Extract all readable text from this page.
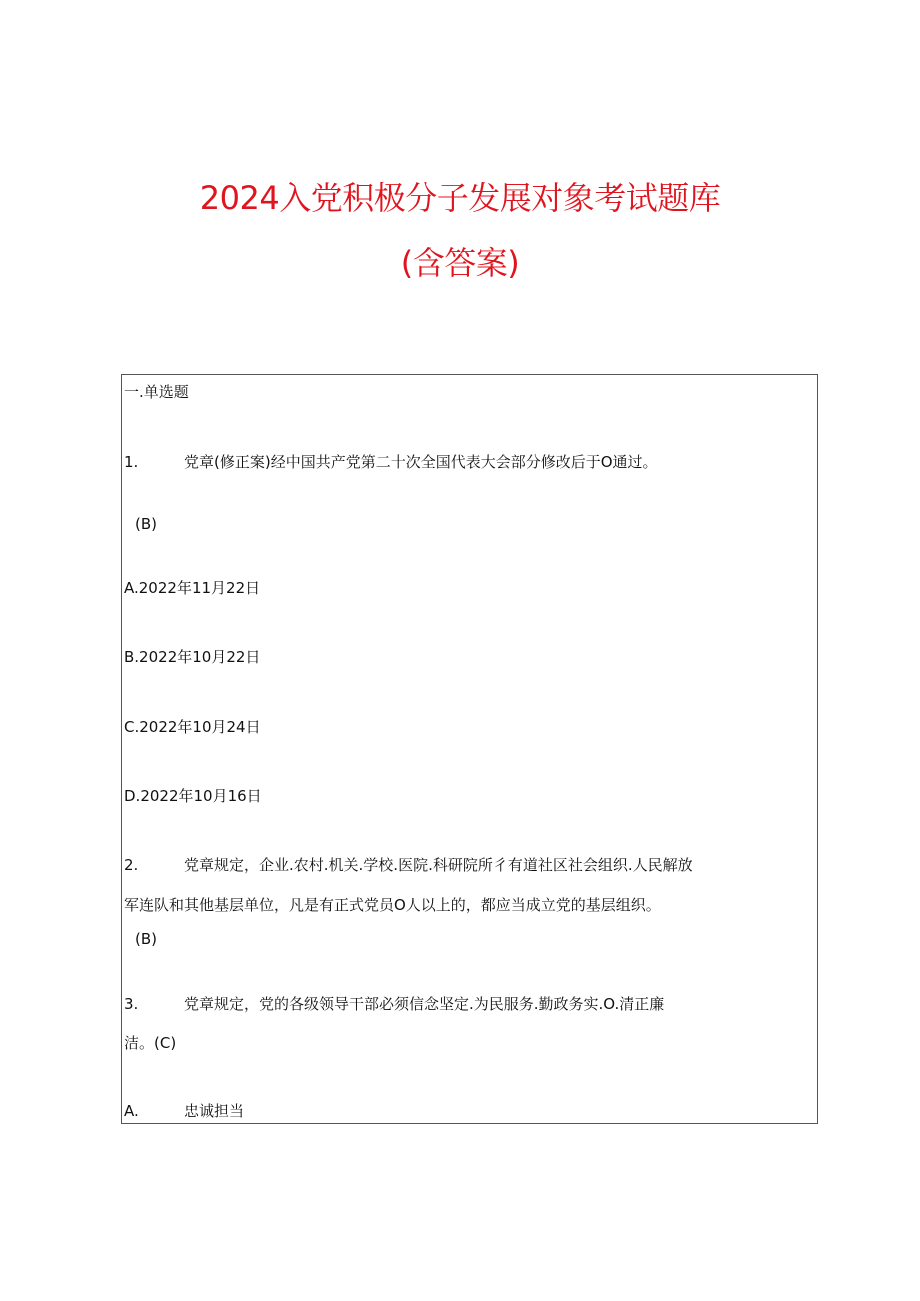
2024入党积极分子发展对象考试题库
(含答案)
一.单选题
1.	党章(修正案)经中国共产党第二十次全国代表大会部分修改后于O通过。
(B)
A.2022年11月22日
B.2022年10月22日
C.2022年10月24日
D.2022年10月16日
2.	党章规定，企业.农村.机关.学校.医院.科研院所彳有道社区社会组织.人民解放
军连队和其他基层单位，凡是有正式党员O人以上的，都应当成立党的基层组织。
(B)
3.	党章规定，党的各级领导干部必须信念坚定.为民服务.勤政务实.O.清正廉
洁。(C)
A.	忠诚担当
